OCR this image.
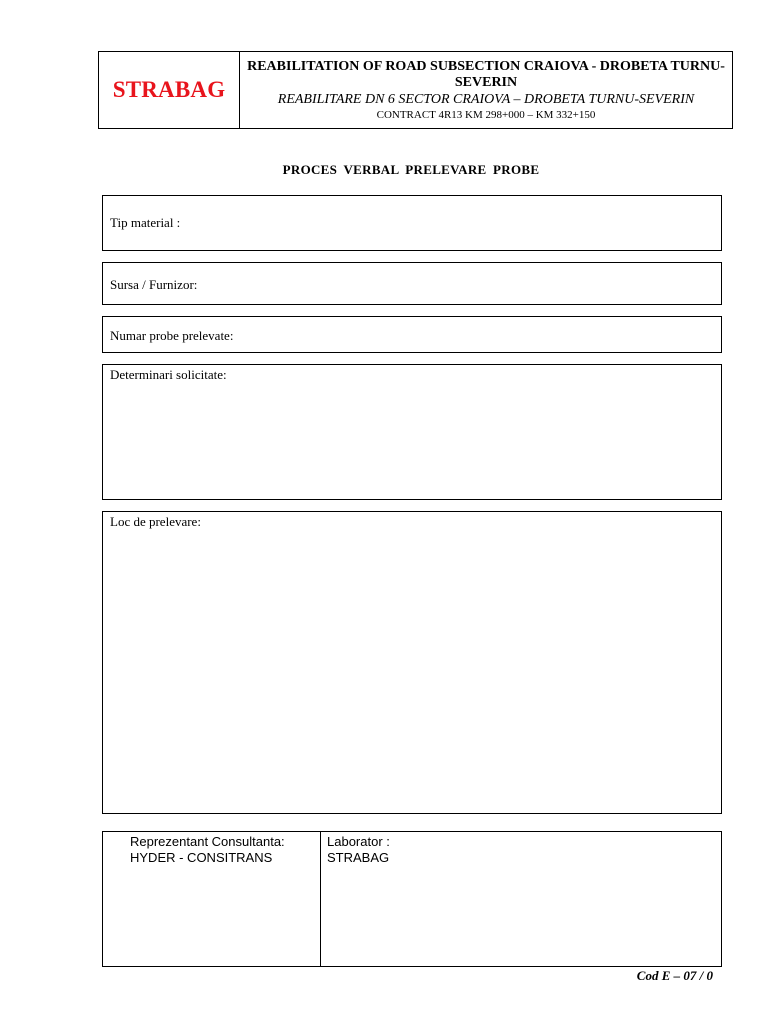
STRABAG
REABILITATION OF ROAD SUBSECTION CRAIOVA - DROBETA TURNU-SEVERIN
REABILITARE DN 6 SECTOR CRAIOVA – DROBETA TURNU-SEVERIN
CONTRACT 4R13 KM 298+000 – KM 332+150
PROCES VERBAL PRELEVARE PROBE
Tip material :
Sursa / Furnizor:
Numar probe prelevate:
Determinari solicitate:
Loc de prelevare:
Reprezentant Consultanta:
HYDER - CONSITRANS
Laborator :
STRABAG
Cod E – 07 / 0
